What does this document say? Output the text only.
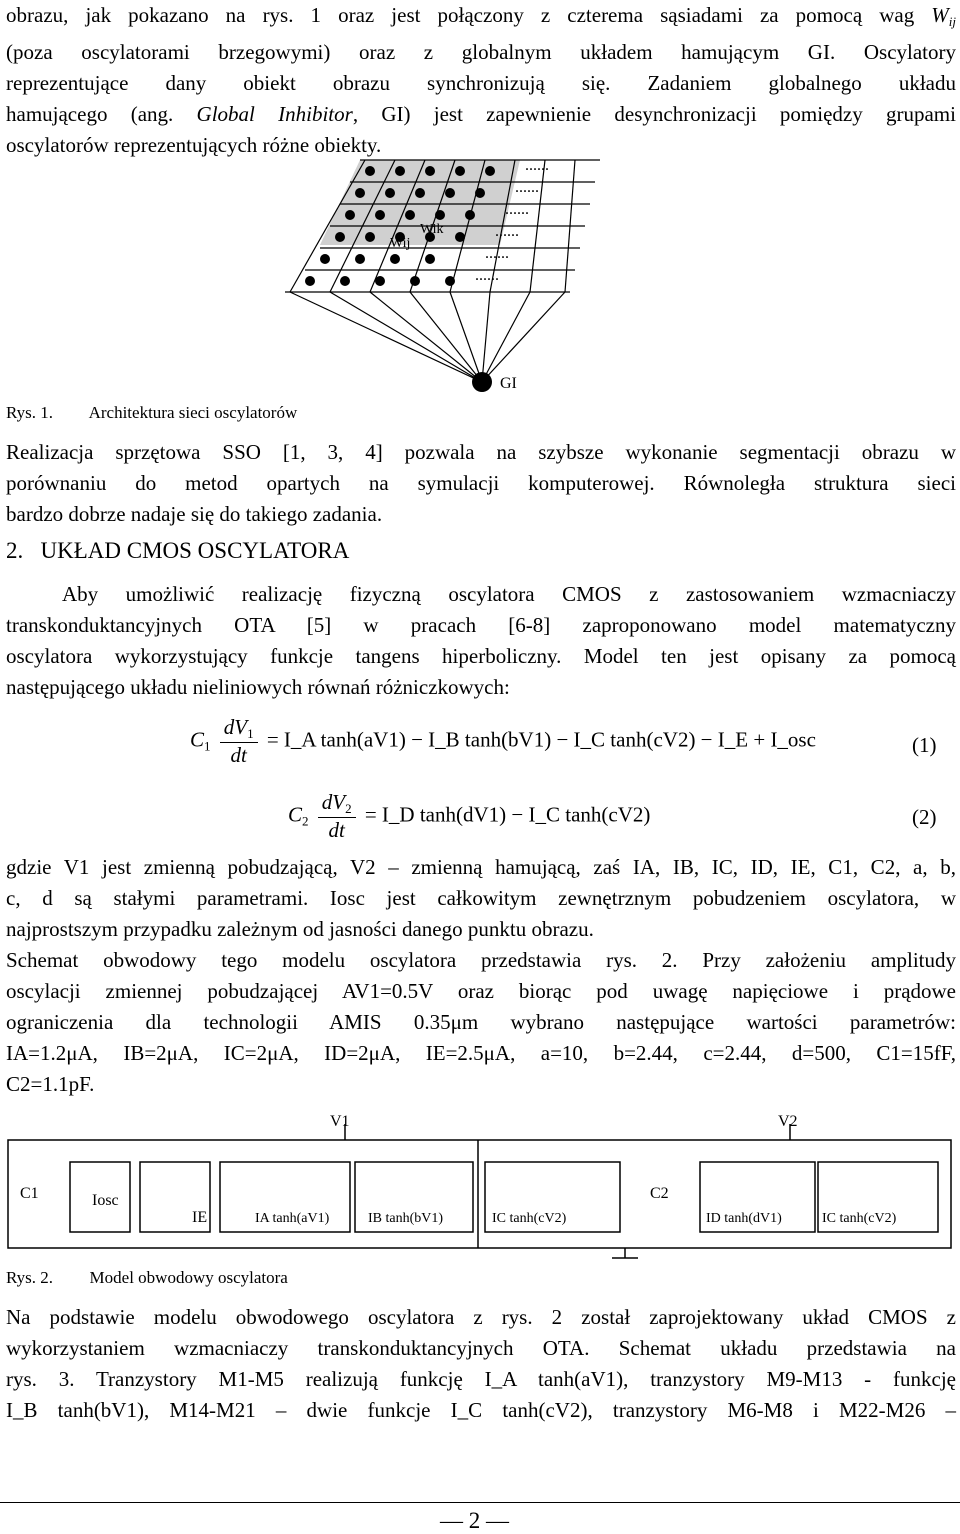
obrazu, jak pokazano na rys. 1 oraz jest połączony z czterema sąsiadami za pomocą wag $W_{ij}$
(poza oscylatorami brzegowymi) oraz z globalnym układem hamującym GI. Oscylatory
reprezentujące dany obiekt obrazu synchronizują się. Zadaniem globalnego układu
hamującego (ang. Global Inhibitor, GI) jest zapewnienie desynchronizacji pomiędzy grupami
oscylatorów reprezentujących różne obiekty.
......
......
......
......
......
......
Wik
Wij
GI
Rys. 1. Architektura sieci oscylatorów
Realizacja sprzętowa SSO [1, 3, 4] pozwala na szybsze wykonanie segmentacji obrazu w
porównaniu do metod opartych na symulacji komputerowej. Równoległa struktura sieci
bardzo dobrze nadaje się do takiego zadania.
2.   UKŁAD CMOS OSCYLATORA
Aby umożliwić realizację fizyczną oscylatora CMOS z zastosowaniem wzmacniaczy
transkonduktancyjnych OTA [5] w pracach [6-8] zaproponowano model matematyczny
oscylatora wykorzystujący funkcje tangens hiperboliczny. Model ten jest opisany za pomocą
następującego układu nieliniowych równań różniczkowych:
$C_1 \frac{dV_1}{dt}$ = I_A tanh(aV1) − I_B tanh(bV1) − I_C tanh(cV2) − I_E + I_osc	(1)
$C_2 \frac{dV_2}{dt}$ = I_D tanh(dV1) − I_C tanh(cV2)	(2)
gdzie V1 jest zmienną pobudzającą, V2 – zmienną hamującą, zaś IA, IB, IC, ID, IE, C1, C2, a, b,
c, d są stałymi parametrami. Iosc jest całkowitym zewnętrznym pobudzeniem oscylatora, w
najprostszym przypadku zależnym od jasności danego punktu obrazu.
Schemat obwodowy tego modelu oscylatora przedstawia rys. 2. Przy założeniu amplitudy
oscylacji zmiennej pobudzającej AV1=0.5V oraz biorąc pod uwagę napięciowe i prądowe
ograniczenia dla technologii AMIS 0.35μm wybrano następujące wartości parametrów:
IA=1.2μA, IB=2μA, IC=2μA, ID=2μA, IE=2.5μA, a=10, b=2.44, c=2.44, d=500, C1=15fF,
C2=1.1pF.
V1	V2
C1	Iosc
IE	IA tanh(aV1)	IB tanh(bV1)	IC tanh(cV2)
C2
ID tanh(dV1)	IC tanh(cV2)
Rys. 2. Model obwodowy oscylatora
Na podstawie modelu obwodowego oscylatora z rys. 2 został zaprojektowany układ CMOS z
wykorzystaniem wzmacniaczy transkonduktancyjnych OTA. Schemat układu przedstawia na
rys. 3. Tranzystory M1-M5 realizują funkcję I_A tanh(aV1), tranzystory M9-M13 - funkcję
I_B tanh(bV1), M14-M21 – dwie funkcje I_C tanh(cV2), tranzystory M6-M8 i M22-M26 –
— 2 —
